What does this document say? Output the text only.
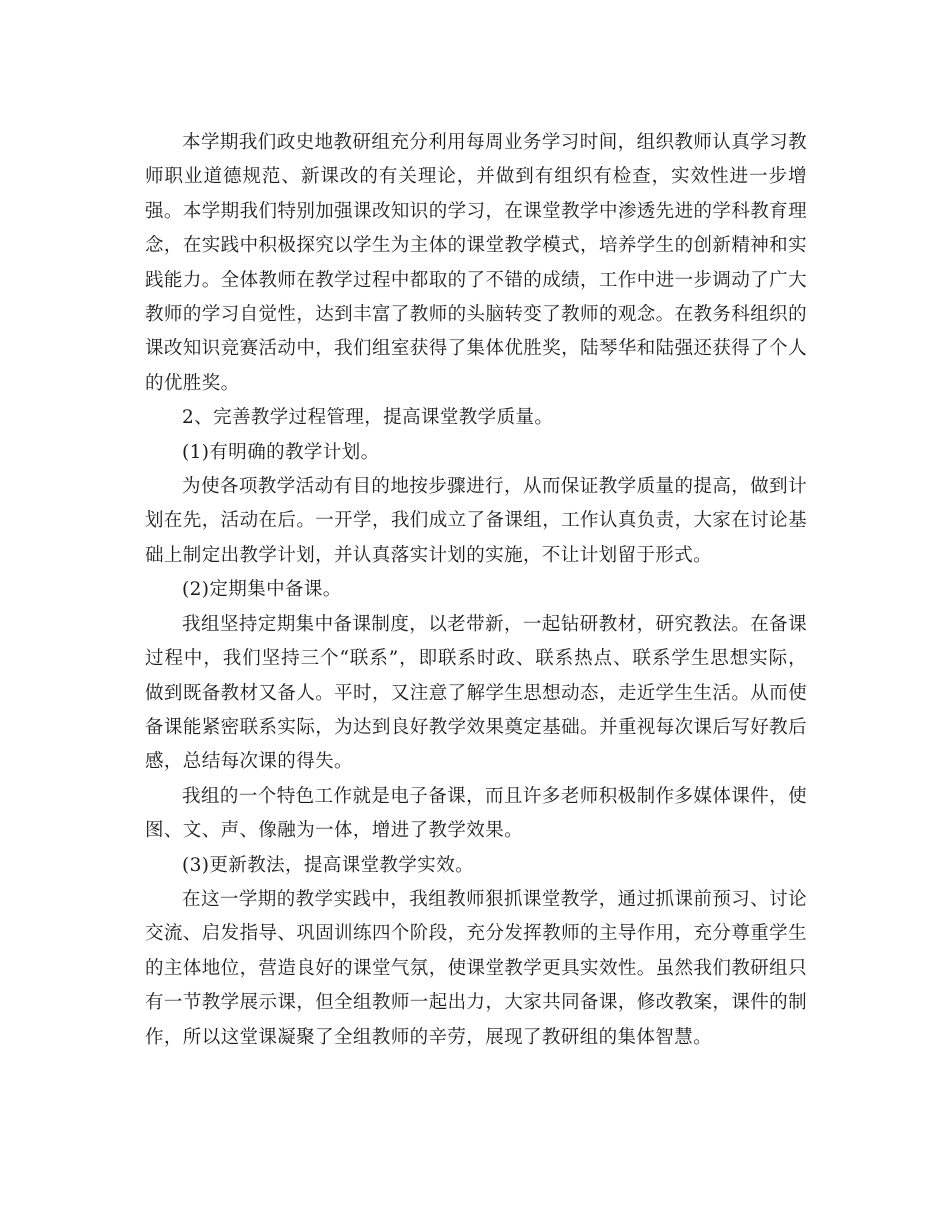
本学期我们政史地教研组充分利用每周业务学习时间，组织教师认真学习教师职业道德规范、新课改的有关理论，并做到有组织有检查，实效性进一步增强。本学期我们特别加强课改知识的学习，在课堂教学中渗透先进的学科教育理念，在实践中积极探究以学生为主体的课堂教学模式，培养学生的创新精神和实践能力。全体教师在教学过程中都取的了不错的成绩，工作中进一步调动了广大教师的学习自觉性，达到丰富了教师的头脑转变了教师的观念。在教务科组织的课改知识竞赛活动中，我们组室获得了集体优胜奖，陆琴华和陆强还获得了个人的优胜奖。

2、完善教学过程管理，提高课堂教学质量。

(1)有明确的教学计划。

为使各项教学活动有目的地按步骤进行，从而保证教学质量的提高，做到计划在先，活动在后。一开学，我们成立了备课组，工作认真负责，大家在讨论基础上制定出教学计划，并认真落实计划的实施，不让计划留于形式。

(2)定期集中备课。

我组坚持定期集中备课制度，以老带新，一起钻研教材，研究教法。在备课过程中，我们坚持三个“联系”，即联系时政、联系热点、联系学生思想实际，做到既备教材又备人。平时，又注意了解学生思想动态，走近学生生活。从而使备课能紧密联系实际，为达到良好教学效果奠定基础。并重视每次课后写好教后感，总结每次课的得失。

我组的一个特色工作就是电子备课，而且许多老师积极制作多媒体课件，使图、文、声、像融为一体，增进了教学效果。

(3)更新教法，提高课堂教学实效。

在这一学期的教学实践中，我组教师狠抓课堂教学，通过抓课前预习、讨论交流、启发指导、巩固训练四个阶段，充分发挥教师的主导作用，充分尊重学生的主体地位，营造良好的课堂气氛，使课堂教学更具实效性。虽然我们教研组只有一节教学展示课，但全组教师一起出力，大家共同备课，修改教案，课件的制作，所以这堂课凝聚了全组教师的辛劳，展现了教研组的集体智慧。
